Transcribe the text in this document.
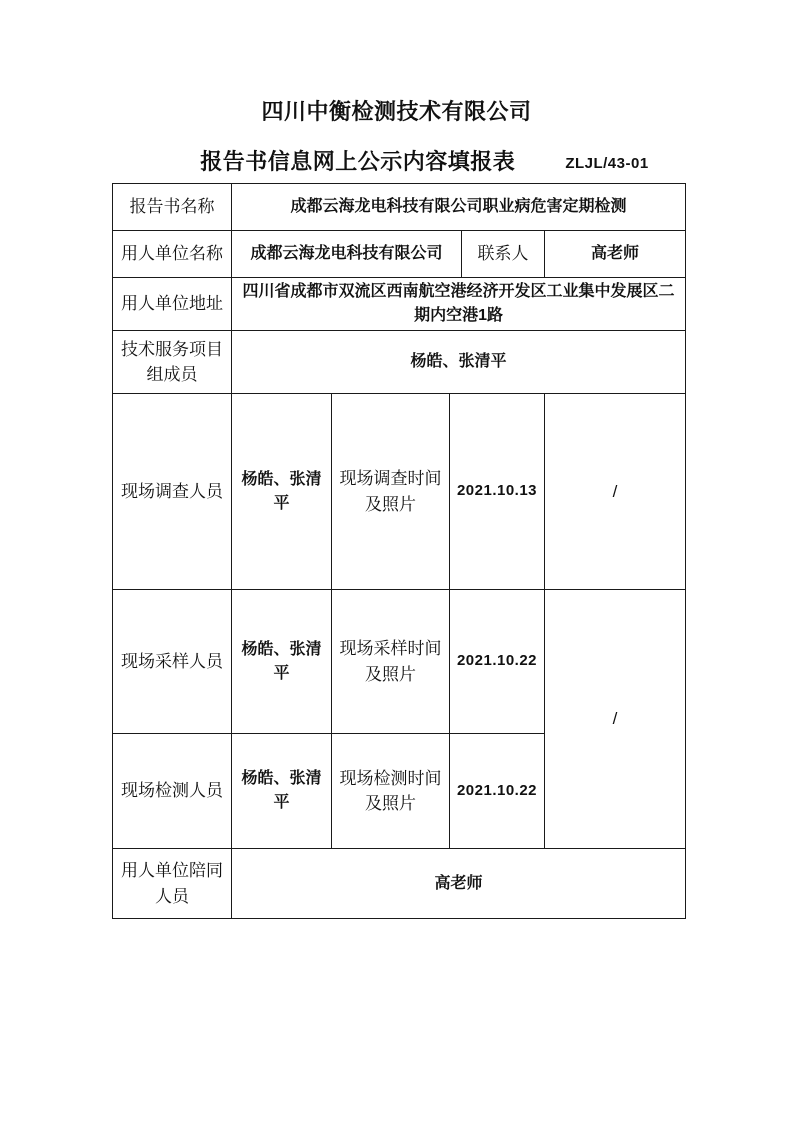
四川中衡检测技术有限公司
报告书信息网上公示内容填报表	ZLJL/43-01
报告书名称	成都云海龙电科技有限公司职业病危害定期检测				
用人单位名称	成都云海龙电科技有限公司			联系人	高老师
用人单位地址	四川省成都市双流区西南航空港经济开发区工业集中发展区二期内空港1路				
技术服务项目组成员	杨皓、张清平				
现场调查人员	杨皓、张清平	现场调查时间及照片	2021.10.13		/
现场采样人员	杨皓、张清平	现场采样时间及照片	2021.10.22		/
现场检测人员	杨皓、张清平	现场检测时间及照片	2021.10.22		
用人单位陪同人员	高老师				
